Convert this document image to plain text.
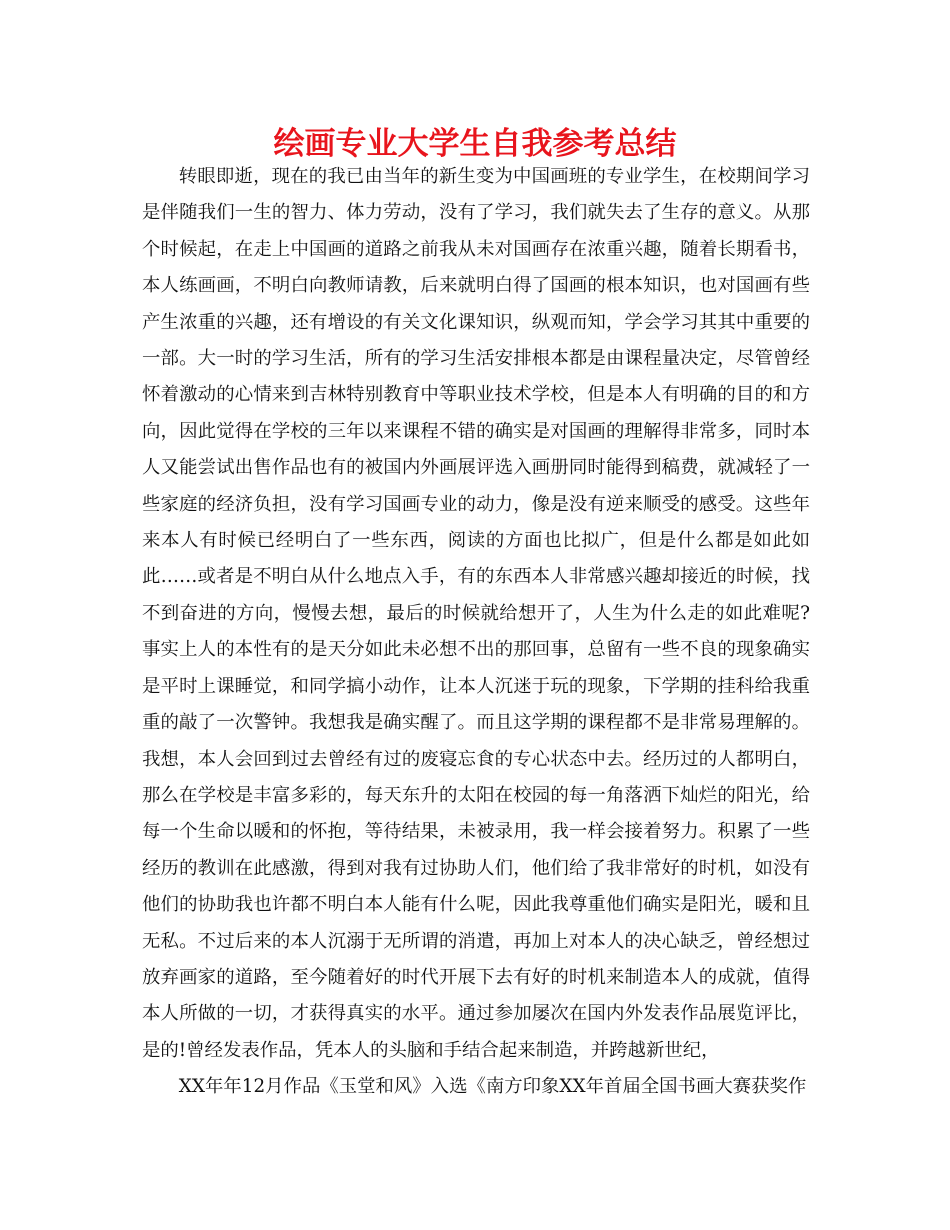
绘画专业大学生自我参考总结

转眼即逝，现在的我已由当年的新生变为中国画班的专业学生，在校期间学习是伴随我们一生的智力、体力劳动，没有了学习，我们就失去了生存的意义。从那个时候起，在走上中国画的道路之前我从未对国画存在浓重兴趣，随着长期看书，本人练画画，不明白向教师请教，后来就明白得了国画的根本知识，也对国画有些产生浓重的兴趣，还有增设的有关文化课知识，纵观而知，学会学习其其中重要的一部。大一时的学习生活，所有的学习生活安排根本都是由课程量决定，尽管曾经怀着激动的心情来到吉林特别教育中等职业技术学校，但是本人有明确的目的和方向，因此觉得在学校的三年以来课程不错的确实是对国画的理解得非常多，同时本人又能尝试出售作品也有的被国内外画展评选入画册同时能得到稿费，就减轻了一些家庭的经济负担，没有学习国画专业的动力，像是没有逆来顺受的感受。这些年来本人有时候已经明白了一些东西，阅读的方面也比拟广，但是什么都是如此如此……或者是不明白从什么地点入手，有的东西本人非常感兴趣却接近的时候，找不到奋进的方向，慢慢去想，最后的时候就给想开了，人生为什么走的如此难呢?事实上人的本性有的是天分如此未必想不出的那回事，总留有一些不良的现象确实是平时上课睡觉，和同学搞小动作，让本人沉迷于玩的现象，下学期的挂科给我重重的敲了一次警钟。我想我是确实醒了。而且这学期的课程都不是非常易理解的。我想，本人会回到过去曾经有过的废寝忘食的专心状态中去。经历过的人都明白，那么在学校是丰富多彩的，每天东升的太阳在校园的每一角落洒下灿烂的阳光，给每一个生命以暖和的怀抱，等待结果，未被录用，我一样会接着努力。积累了一些经历的教训在此感激，得到对我有过协助人们，他们给了我非常好的时机，如没有他们的协助我也许都不明白本人能有什么呢，因此我尊重他们确实是阳光，暖和且无私。不过后来的本人沉溺于无所谓的消遣，再加上对本人的决心缺乏，曾经想过放弃画家的道路，至今随着好的时代开展下去有好的时机来制造本人的成就，值得本人所做的一切，才获得真实的水平。通过参加屡次在国内外发表作品展览评比，是的!曾经发表作品，凭本人的头脑和手结合起来制造，并跨越新世纪，

XX年年12月作品《玉堂和风》入选《南方印象XX年首届全国书画大赛获奖作
